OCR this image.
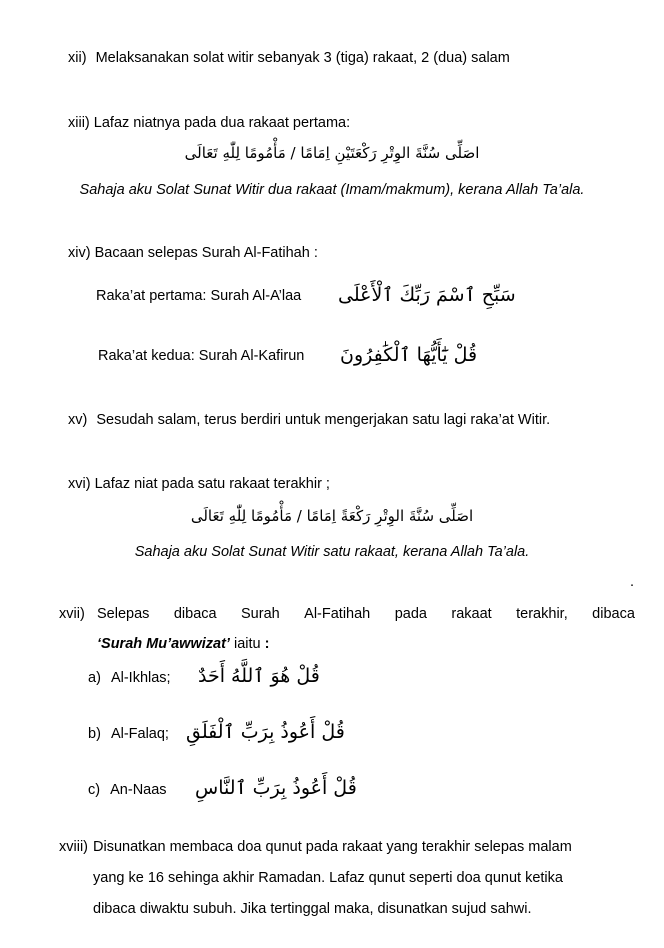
xii) Melaksanakan solat witir sebanyak 3 (tiga) rakaat, 2 (dua) salam
xiii) Lafaz niatnya pada dua rakaat pertama:
اصَلِّى سُنَّةَ الوِتْرِ رَكْعَتَيْنِ اِمَامًا / مَأْمُومًا لِلّٰهِ تَعَالَى
Sahaja aku Solat Sunat Witir dua rakaat (Imam/makmum), kerana Allah Ta’ala.
xiv) Bacaan selepas Surah Al-Fatihah :
Raka’at pertama: Surah Al-A’laa سَبِّحِ ٱسْمَ رَبِّكَ ٱلْأَعْلَى
Raka’at kedua: Surah Al-Kafirun قُلْ يَٰٓأَيُّهَا ٱلْكَٰفِرُونَ
xv) Sesudah salam, terus berdiri untuk mengerjakan satu lagi raka’at Witir.
xvi) Lafaz niat pada satu rakaat terakhir ;
اصَلِّى سُنَّةَ الوِتْرِ رَكْعَةً اِمَامًا / مَأْمُومًا لِلّٰهِ تَعَالَى
Sahaja aku Solat Sunat Witir satu rakaat, kerana Allah Ta’ala.
.
xvii) Selepas dibaca Surah Al-Fatihah pada rakaat terakhir, dibaca
‘Surah Mu’awwizat’ iaitu :
a) Al-Ikhlas; قُلْ هُوَ ٱللَّهُ أَحَدٌ
b) Al-Falaq; قُلْ أَعُوذُ بِرَبِّ ٱلْفَلَقِ
c) An-Naas قُلْ أَعُوذُ بِرَبِّ ٱلنَّاسِ
xviii) Disunatkan membaca doa qunut pada rakaat yang terakhir selepas malam
yang ke 16 sehinga akhir Ramadan. Lafaz qunut seperti doa qunut ketika
dibaca diwaktu subuh. Jika tertinggal maka, disunatkan sujud sahwi.
